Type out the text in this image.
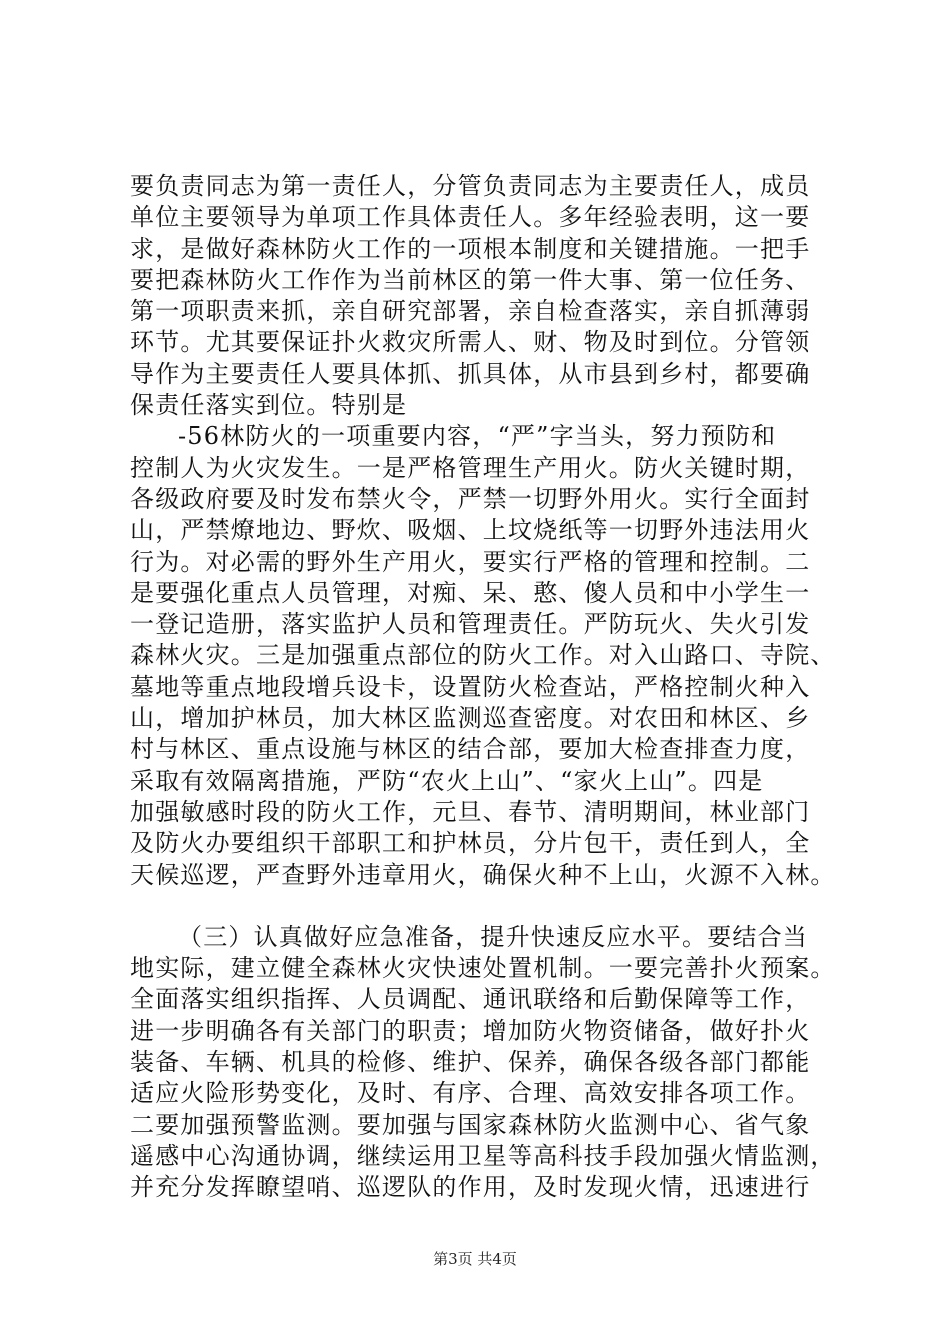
要负责同志为第一责任人，分管负责同志为主要责任人，成员
单位主要领导为单项工作具体责任人。多年经验表明，这一要
求，是做好森林防火工作的一项根本制度和关键措施。一把手
要把森林防火工作作为当前林区的第一件大事、第一位任务、
第一项职责来抓，亲自研究部署，亲自检查落实，亲自抓薄弱
环节。尤其要保证扑火救灾所需人、财、物及时到位。分管领
导作为主要责任人要具体抓、抓具体，从市县到乡村，都要确
保责任落实到位。特别是
-56林防火的一项重要内容，“严”字当头，努力预防和
控制人为火灾发生。一是严格管理生产用火。防火关键时期，
各级政府要及时发布禁火令，严禁一切野外用火。实行全面封
山，严禁燎地边、野炊、吸烟、上坟烧纸等一切野外违法用火
行为。对必需的野外生产用火，要实行严格的管理和控制。二
是要强化重点人员管理，对痴、呆、憨、傻人员和中小学生一
一登记造册，落实监护人员和管理责任。严防玩火、失火引发
森林火灾。三是加强重点部位的防火工作。对入山路口、寺院、
墓地等重点地段增兵设卡，设置防火检查站，严格控制火种入
山，增加护林员，加大林区监测巡查密度。对农田和林区、乡
村与林区、重点设施与林区的结合部，要加大检查排查力度，
采取有效隔离措施，严防“农火上山”、“家火上山”。四是
加强敏感时段的防火工作，元旦、春节、清明期间，林业部门
及防火办要组织干部职工和护林员，分片包干，责任到人，全
天候巡逻，严查野外违章用火，确保火种不上山，火源不入林。
（三）认真做好应急准备，提升快速反应水平。要结合当
地实际，建立健全森林火灾快速处置机制。一要完善扑火预案。
全面落实组织指挥、人员调配、通讯联络和后勤保障等工作，
进一步明确各有关部门的职责；增加防火物资储备，做好扑火
装备、车辆、机具的检修、维护、保养，确保各级各部门都能
适应火险形势变化，及时、有序、合理、高效安排各项工作。
二要加强预警监测。要加强与国家森林防火监测中心、省气象
遥感中心沟通协调，继续运用卫星等高科技手段加强火情监测，
并充分发挥瞭望哨、巡逻队的作用，及时发现火情，迅速进行
第3页 共4页
